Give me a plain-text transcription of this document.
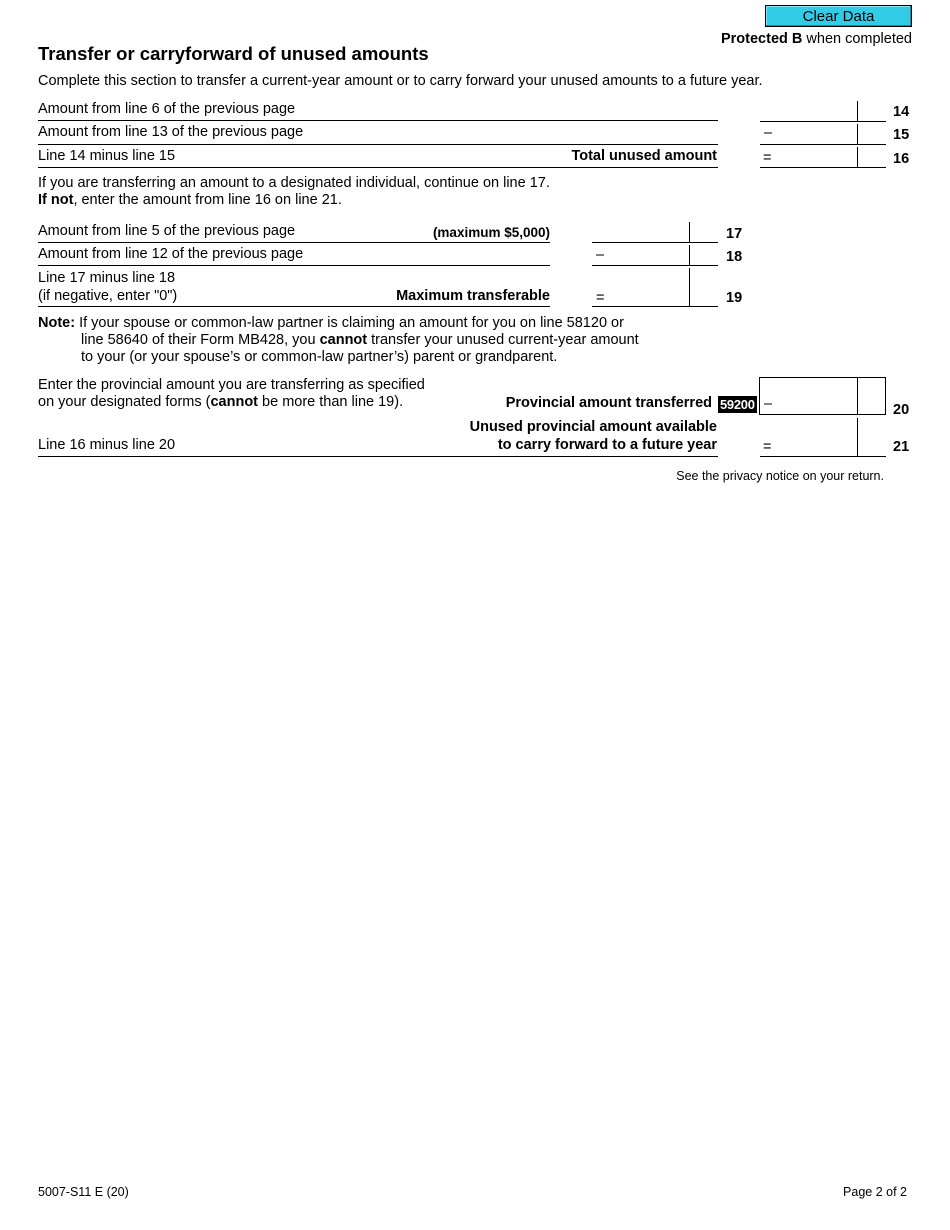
Clear Data
Protected B when completed
Transfer or carryforward of unused amounts
Complete this section to transfer a current-year amount or to carry forward your unused amounts to a future year.
Amount from line 6 of the previous page	14
Amount from line 13 of the previous page	–	15
Line 14 minus line 15	Total unused amount	=	16
If you are transferring an amount to a designated individual, continue on line 17.
If not, enter the amount from line 16 on line 21.
Amount from line 5 of the previous page	(maximum $5,000)	17
Amount from line 12 of the previous page	–	18
Line 17 minus line 18
(if negative, enter "0")	Maximum transferable	=	19
Note: If your spouse or common-law partner is claiming an amount for you on line 58120 or
line 58640 of their Form MB428, you cannot transfer your unused current-year amount
to your (or your spouse’s or common-law partner’s) parent or grandparent.
Enter the provincial amount you are transferring as specified
on your designated forms (cannot be more than line 19).	Provincial amount transferred 59200 –	20
Line 16 minus line 20
Unused provincial amount available
to carry forward to a future year	=	21
See the privacy notice on your return.
5007-S11 E (20)	Page 2 of 2
